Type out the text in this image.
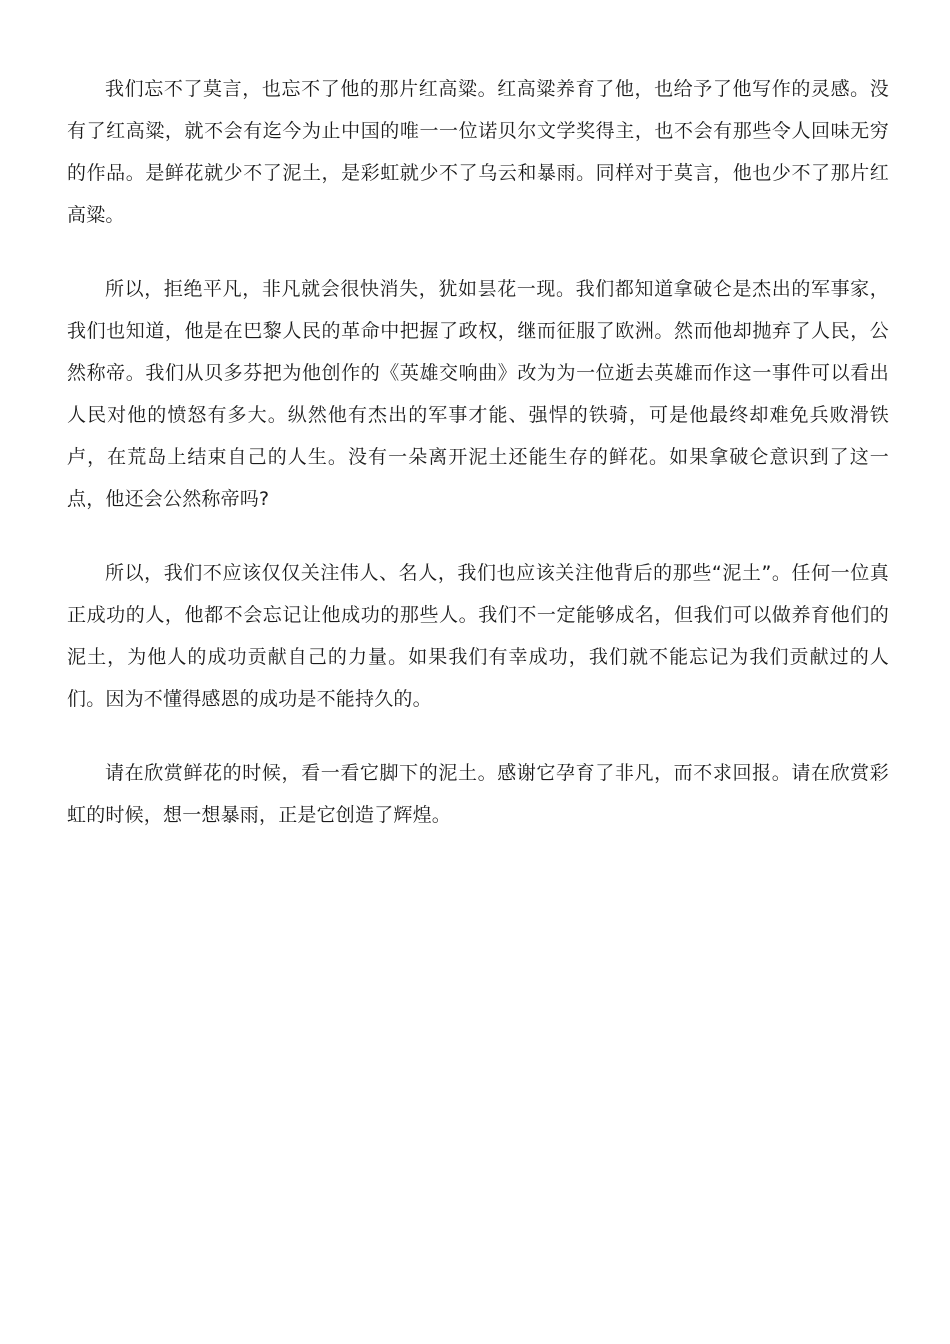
我们忘不了莫言，也忘不了他的那片红高粱。红高粱养育了他，也给予了他写作的灵感。没有了红高粱，就不会有迄今为止中国的唯一一位诺贝尔文学奖得主，也不会有那些令人回味无穷的作品。是鲜花就少不了泥土，是彩虹就少不了乌云和暴雨。同样对于莫言，他也少不了那片红高粱。

所以，拒绝平凡，非凡就会很快消失，犹如昙花一现。我们都知道拿破仑是杰出的军事家，我们也知道，他是在巴黎人民的革命中把握了政权，继而征服了欧洲。然而他却抛弃了人民，公然称帝。我们从贝多芬把为他创作的《英雄交响曲》改为为一位逝去英雄而作这一事件可以看出人民对他的愤怒有多大。纵然他有杰出的军事才能、强悍的铁骑，可是他最终却难免兵败滑铁卢，在荒岛上结束自己的人生。没有一朵离开泥土还能生存的鲜花。如果拿破仑意识到了这一点，他还会公然称帝吗?

所以，我们不应该仅仅关注伟人、名人，我们也应该关注他背后的那些“泥土”。任何一位真正成功的人，他都不会忘记让他成功的那些人。我们不一定能够成名，但我们可以做养育他们的泥土，为他人的成功贡献自己的力量。如果我们有幸成功，我们就不能忘记为我们贡献过的人们。因为不懂得感恩的成功是不能持久的。

请在欣赏鲜花的时候，看一看它脚下的泥土。感谢它孕育了非凡，而不求回报。请在欣赏彩虹的时候，想一想暴雨，正是它创造了辉煌。
